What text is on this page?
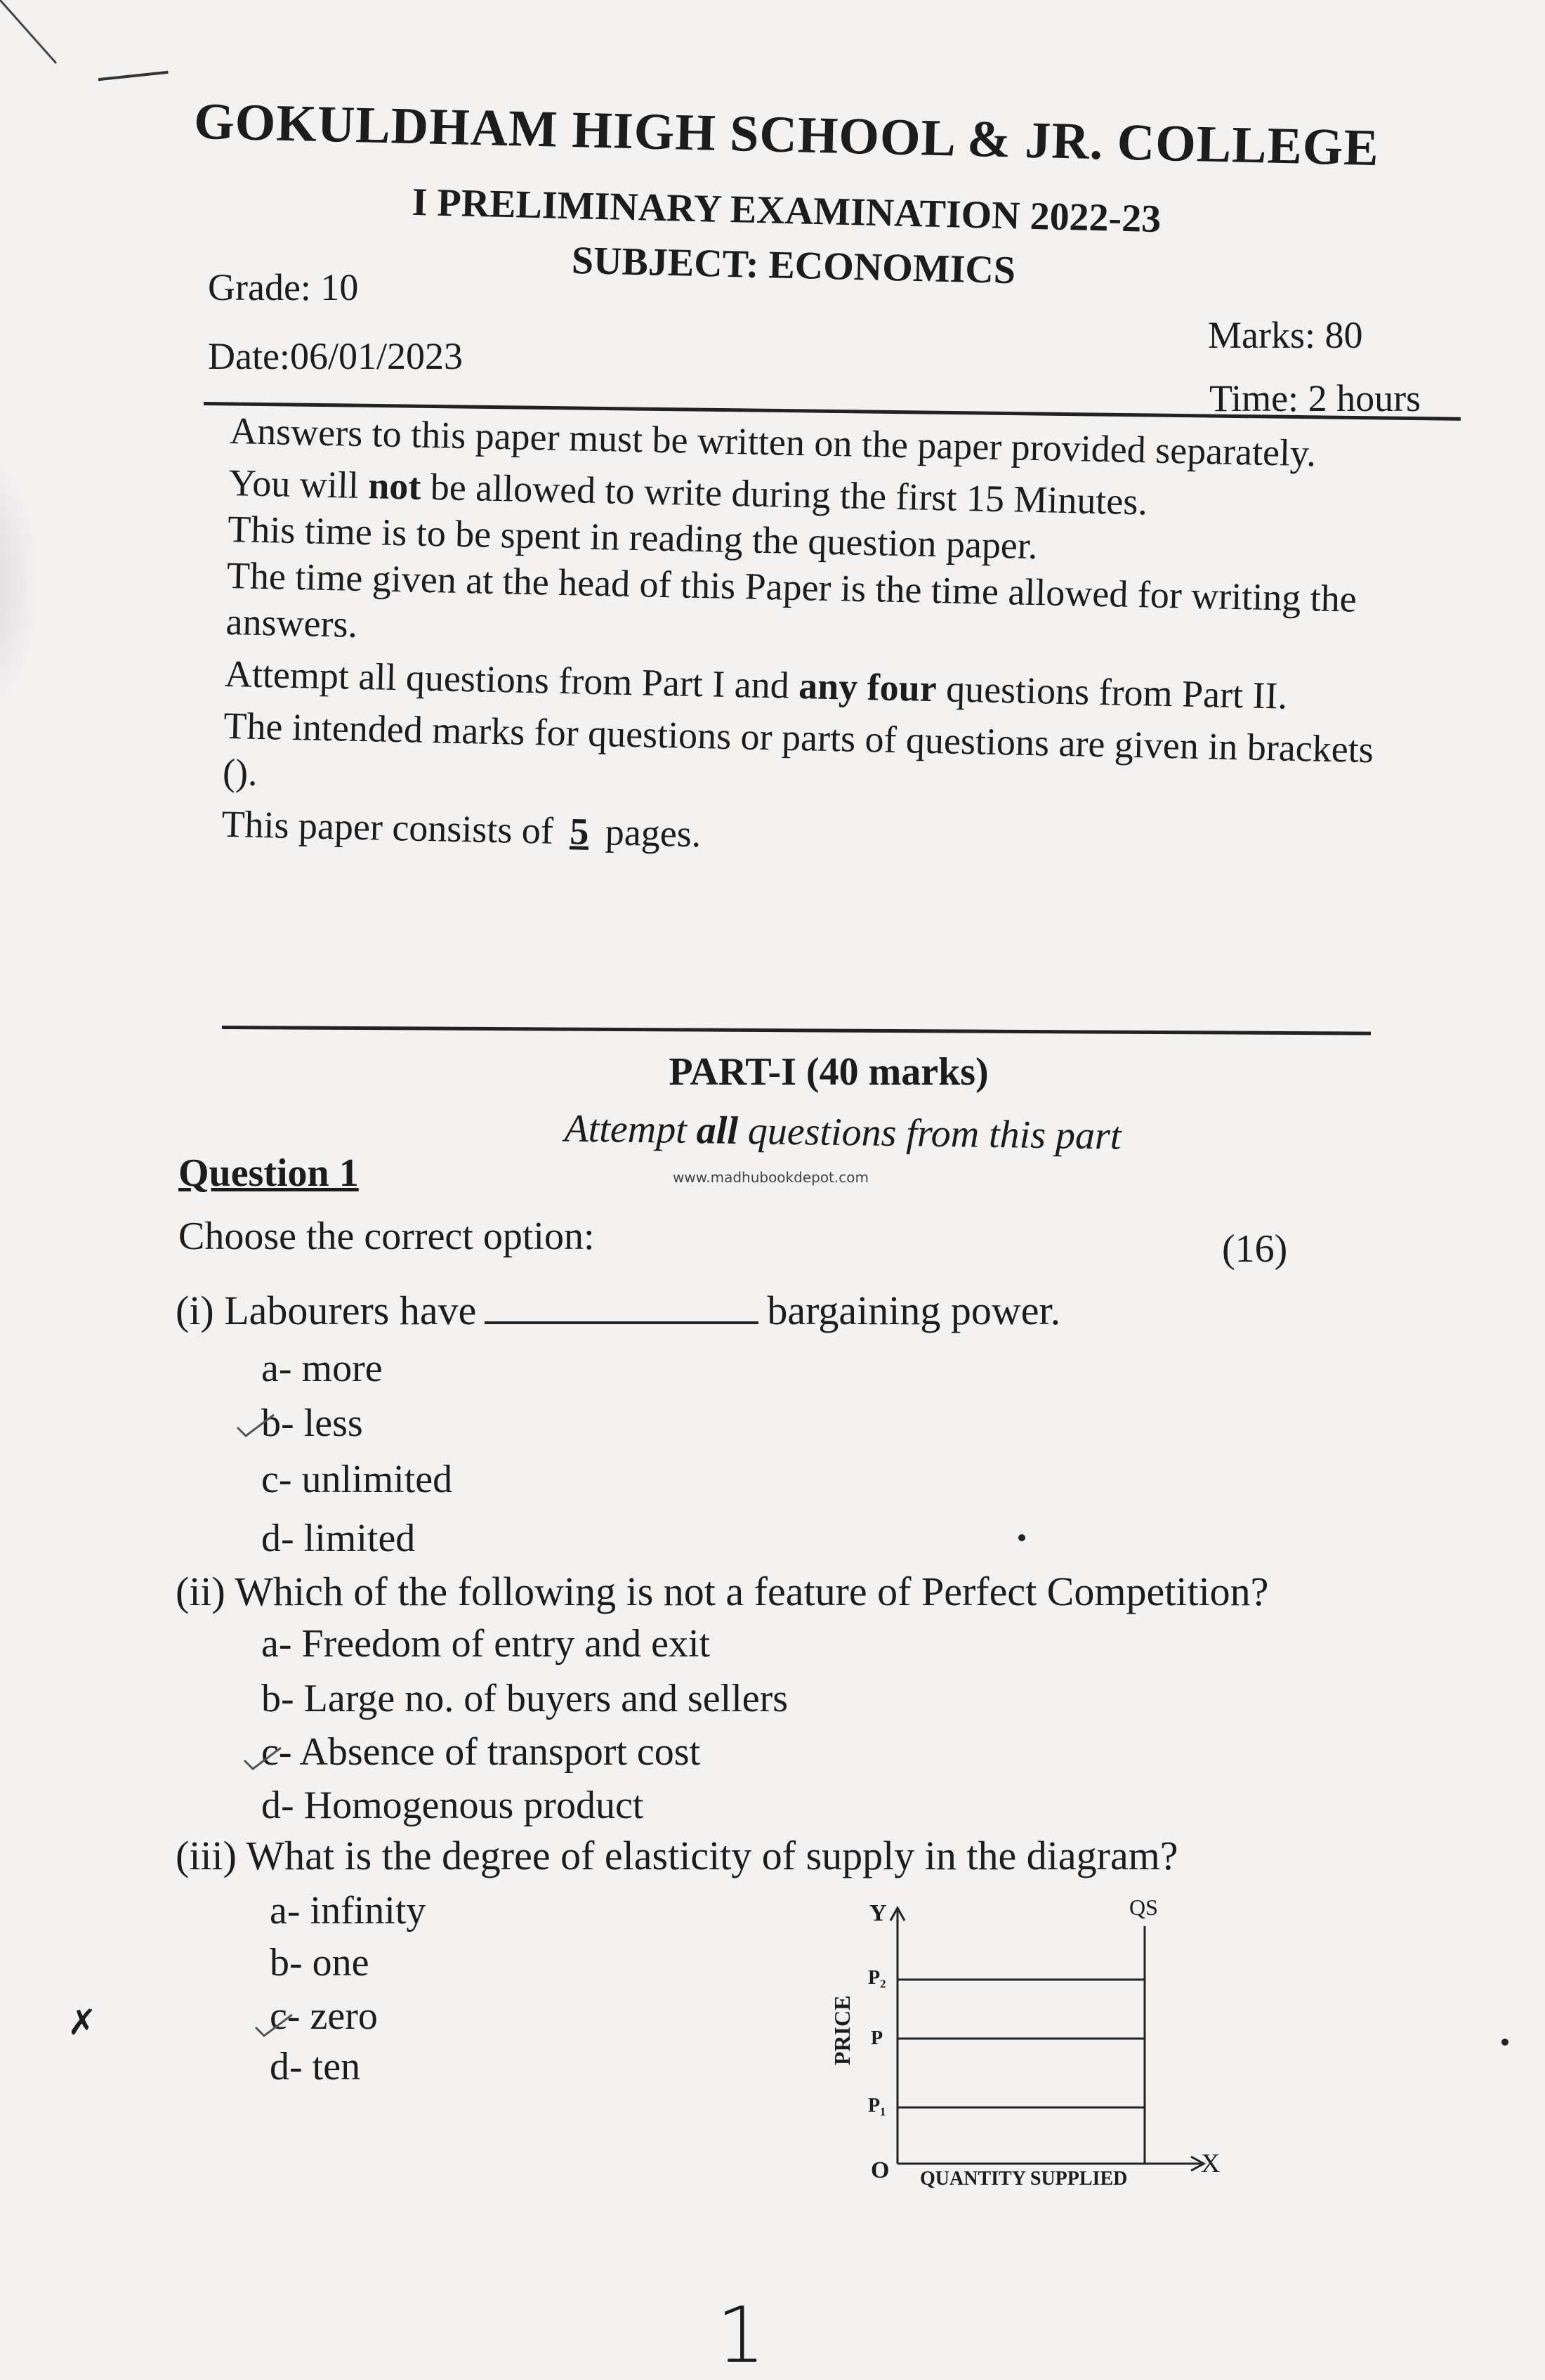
GOKULDHAM HIGH SCHOOL & JR. COLLEGE
I PRELIMINARY EXAMINATION 2022-23
SUBJECT: ECONOMICS
Grade: 10
Date:06/01/2023	Marks: 80
Time: 2 hours

Answers to this paper must be written on the paper provided separately.

You will not be allowed to write during the first 15 Minutes.

This time is to be spent in reading the question paper.

The time given at the head of this Paper is the time allowed for writing the answers.

Attempt all questions from Part I and any four questions from Part II.

The intended marks for questions or parts of questions are given in brackets ().

This paper consists of 5 pages.

PART-I (40 marks)
Attempt all questions from this part
Question 1	www.madhubookdepot.com
Choose the correct option:	(16)
(i) Labourers have	bargaining power.
a- more
b- less
c- unlimited
d- limited
(ii) Which of the following is not a feature of Perfect Competition?
a- Freedom of entry and exit
b- Large no. of buyers and sellers
c- Absence of transport cost
d- Homogenous product
(iii) What is the degree of elasticity of supply in the diagram?
a- infinity
b- one
c- zero
d- ten
Y
X
O
QS
P₂
P
P₁
PRICE
QUANTITY SUPPLIED
✗
1
